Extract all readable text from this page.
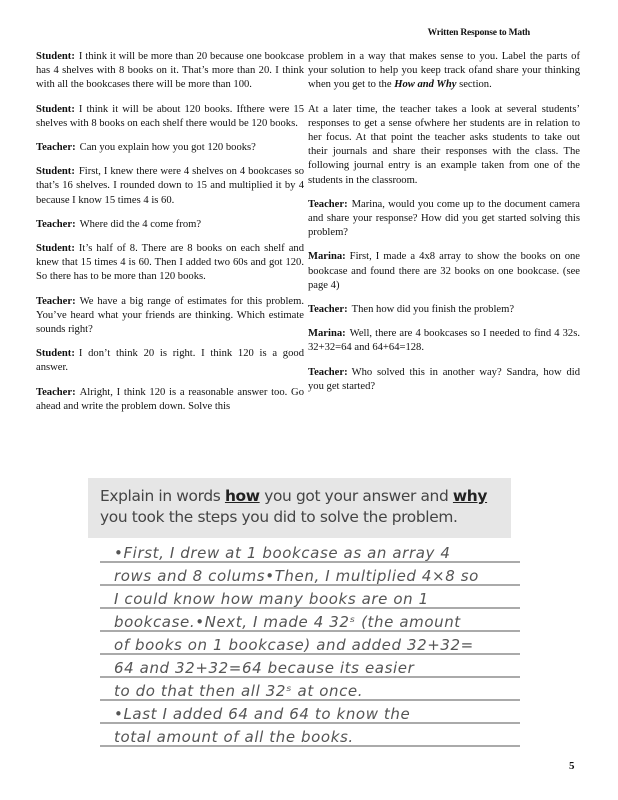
Written Response to Math

Student: I think it will be more than 20 because one bookcase has 4 shelves with 8 books on it. That’s more than 20. I think with all the bookcases there will be more than 100.

Student: I think it will be about 120 books. Ifthere were 15 shelves with 8 books on each shelf there would be 120 books.

Teacher: Can you explain how you got 120 books?

Student: First, I knew there were 4 shelves on 4 bookcases so that’s 16 shelves. I rounded down to 15 and multiplied it by 4 because I know 15 times 4 is 60.

Teacher: Where did the 4 come from?

Student: It’s half of 8. There are 8 books on each shelf and knew that 15 times 4 is 60. Then I added two 60s and got 120. So there has to be more than 120 books.

Teacher: We have a big range of estimates for this problem. You’ve heard what your friends are thinking. Which estimate sounds right?

Student: I don’t think 20 is right. I think 120 is a good answer.

Teacher: Alright, I think 120 is a reasonable answer too. Go ahead and write the problem down. Solve this

problem in a way that makes sense to you. Label the parts of your solution to help you keep track ofand share your thinking when you get to the How and Why section.

At a later time, the teacher takes a look at several students’ responses to get a sense ofwhere her students are in relation to her focus. At that point the teacher asks students to take out their journals and share their responses with the class. The following journal entry is an example taken from one of the students in the classroom.

Teacher: Marina, would you come up to the document camera and share your response? How did you get started solving this problem?

Marina: First, I made a 4x8 array to show the books on one bookcase and found there are 32 books on one bookcase. (see page 4)

Teacher: Then how did you finish the problem?

Marina: Well, there are 4 bookcases so I needed to find 4 32s. 32+32=64 and 64+64=128.

Teacher: Who solved this in another way? Sandra, how did you get started?

Explain in words how you got your answer and why you took the steps you did to solve the problem.
•First, I drew at 1 bookcase as an array 4
rows and 8 colums•Then, I multiplied 4×8 so
I could know how many books are on 1
bookcase.•Next, I made 4 32ˢ (the amount
of books on 1 bookcase) and added 32+32=
64 and 32+32=64 because its easier
to do that then all 32ˢ at once.
•Last I added 64 and 64 to know the
total amount of all the books.
5
